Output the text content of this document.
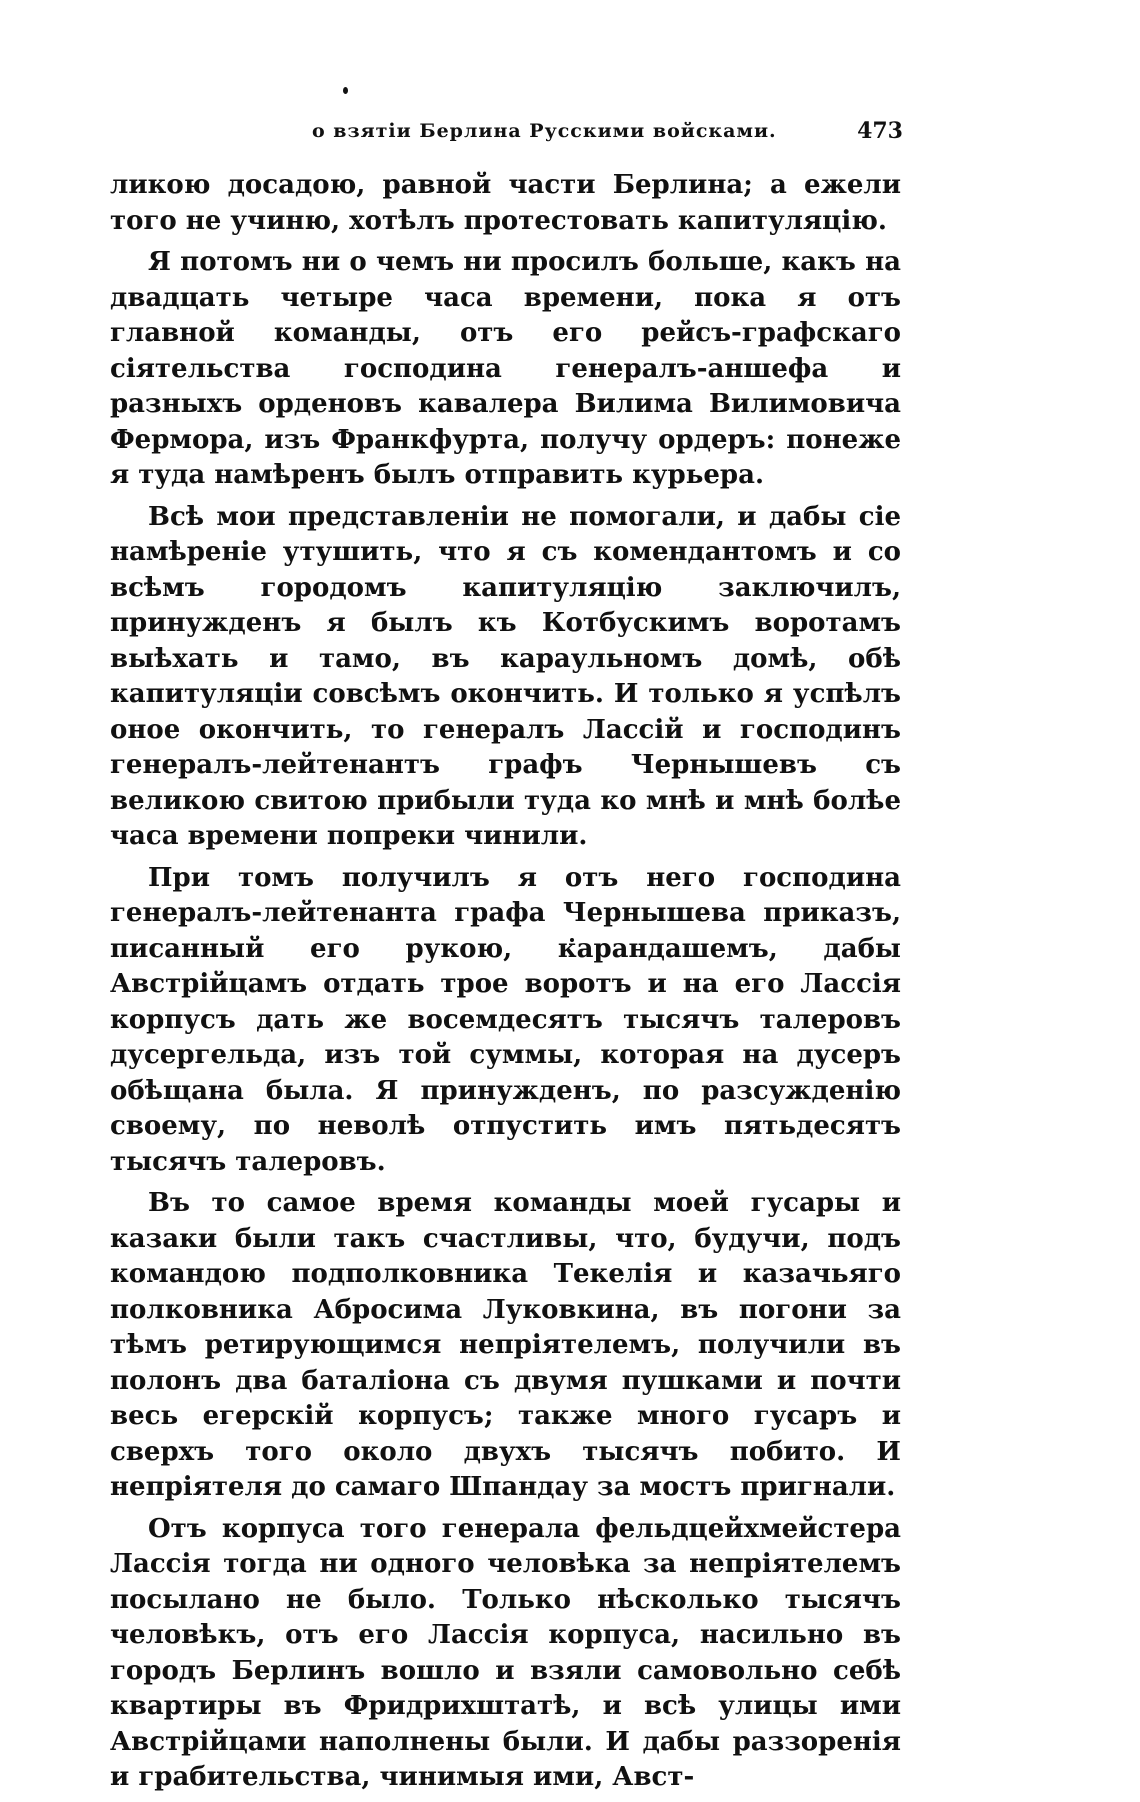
о взятіи Берлина Русскими войсками.	473

ликою досадою, равной части Берлина; а ежели того не учиню, хотѣлъ протестовать капитуляцію.

Я потомъ ни о чемъ ни просилъ больше, какъ на двадцать четыре часа времени, пока я отъ главной команды, отъ его рейсъ-графскаго сіятельства господина генералъ-аншефа и разныхъ орденовъ кавалера Вилима Вилимовича Фермора, изъ Франкфурта, получу ордеръ: понеже я туда намѣренъ былъ отправить курьера.

Всѣ мои представленіи не помогали, и дабы сіе намѣреніе утушить, что я съ комендантомъ и со всѣмъ городомъ капитуляцію заключилъ, принужденъ я былъ къ Котбускимъ воротамъ выѣхать и тамо, въ караульномъ домѣ, обѣ капитуляціи совсѣмъ окончить. И только я успѣлъ оное окончить, то генералъ Лассій и господинъ генералъ-лейтенантъ графъ Чернышевъ съ великою свитою прибыли туда ко мнѣ и мнѣ болѣе часа времени попреки чинили.

При томъ получилъ я отъ него господина генералъ-лейтенанта графа Чернышева приказъ, писанный его рукою, карандашемъ, дабы Австрійцамъ отдать трое воротъ и на его Лассія корпусъ дать же восемдесятъ тысячъ талеровъ дусергельда, изъ той суммы, которая на дусеръ обѣщана была. Я принужденъ, по разсужденію своему, по неволѣ отпустить имъ пятьдесятъ тысячъ талеровъ.

Въ то самое время команды моей гусары и казаки были такъ счастливы, что, будучи, подъ командою подполковника Текелія и казачьяго полковника Абросима Луковкина, въ погони за тѣмъ ретирующимся непріятелемъ, получили въ полонъ два баталіона съ двумя пушками и почти весь егерскій корпусъ; также много гусаръ и сверхъ того около двухъ тысячъ побито. И непріятеля до самаго Шпандау за мостъ пригнали.

Отъ корпуса того генерала фельдцейхмейстера Лассія тогда ни одного человѣка за непріятелемъ посылано не было. Только нѣсколько тысячъ человѣкъ, отъ его Лассія корпуса, насильно въ городъ Берлинъ вошло и взяли самовольно себѣ квартиры въ Фридрихштатѣ, и всѣ улицы ими Австрійцами наполнены были. И дабы раззоренія и грабительства, чинимыя ими, Авст-
